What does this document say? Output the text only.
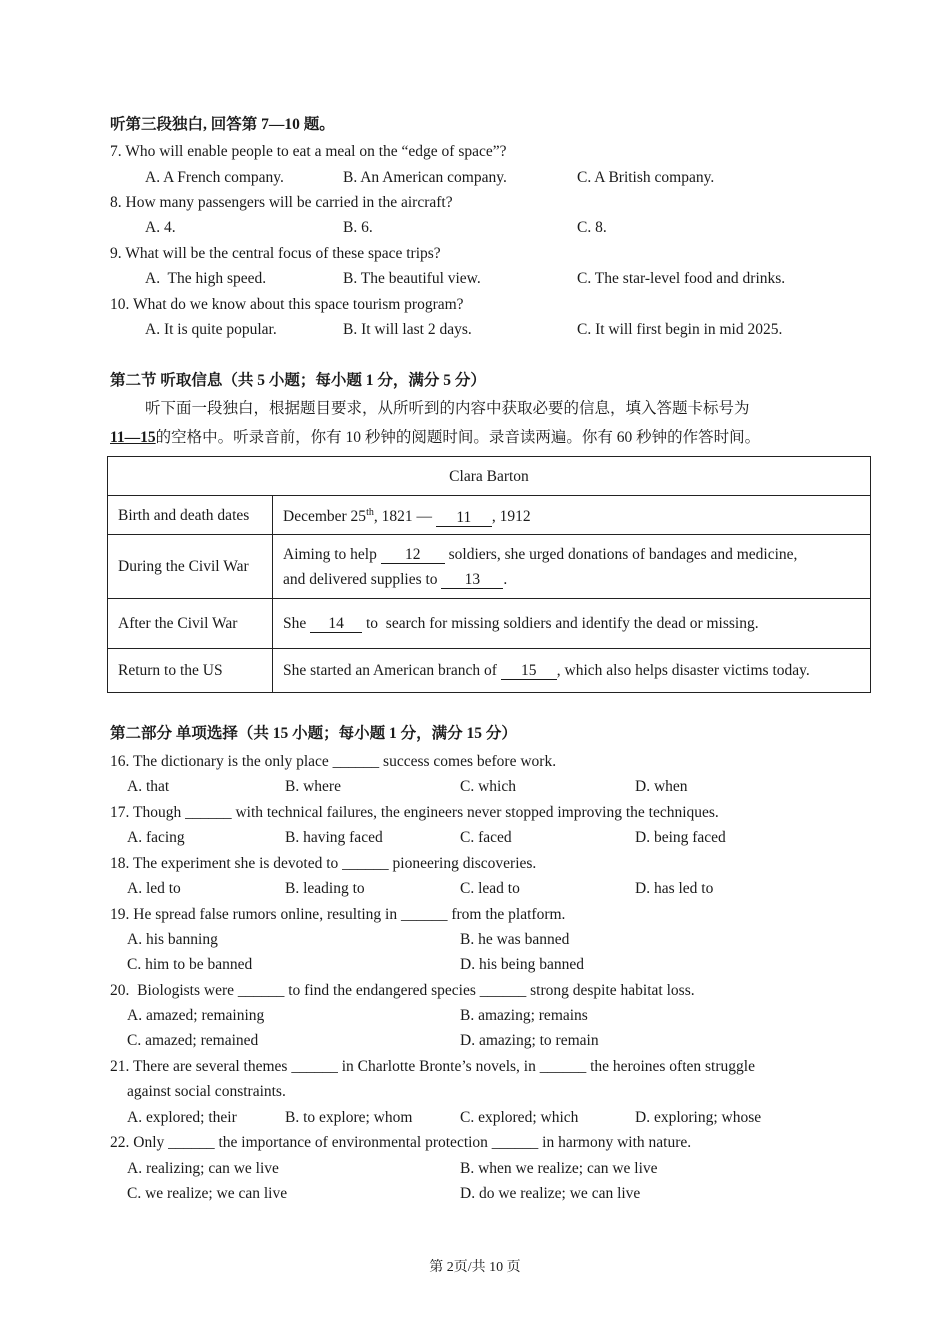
听第三段独白, 回答第 7—10 题。
7. Who will enable people to eat a meal on the “edge of space”?
A. A French company.	B. An American company.	C. A British company.
8. How many passengers will be carried in the aircraft?
A. 4.	B. 6.	C. 8.
9. What will be the central focus of these space trips?
A.  The high speed.	B. The beautiful view.	C. The star-level food and drinks.
10. What do we know about this space tourism program?
A. It is quite popular.	B. It will last 2 days.	C. It will first begin in mid 2025.
第二节 听取信息（共 5 小题；每小题 1 分，满分 5 分）
听下面一段独白，根据题目要求，从所听到的内容中获取必要的信息，填入答题卡标号为
11—15的空格中。听录音前，你有 10 秒钟的阅题时间。录音读两遍。你有 60 秒钟的作答时间。
Clara Barton	
Birth and death dates	December 25th, 1821 — 11 , 1912
During the Civil War	Aiming to help 12 soldiers, she urged donations of bandages and medicine,
and delivered supplies to 13 .

After the Civil War	She 14 to  search for missing soldiers and identify the dead or missing.
Return to the US	She started an American branch of 15 , which also helps disaster victims today.
第二部分 单项选择（共 15 小题；每小题 1 分，满分 15 分）
16. The dictionary is the only place ______ success comes before work.
A. that	B. where	C. which	D. when
17. Though ______ with technical failures, the engineers never stopped improving the techniques.
A. facing	B. having faced	C. faced	D. being faced
18. The experiment she is devoted to ______ pioneering discoveries.
A. led to	B. leading to	C. lead to	D. has led to
19. He spread false rumors online, resulting in ______ from the platform.
A. his banning	B. he was banned
C. him to be banned	D. his being banned
20.  Biologists were ______ to find the endangered species ______ strong despite habitat loss.
A. amazed; remaining	B. amazing; remains
C. amazed; remained	D. amazing; to remain
21. There are several themes ______ in Charlotte Bronte’s novels, in ______ the heroines often struggle
against social constraints.
A. explored; their	B. to explore; whom	C. explored; which	D. exploring; whose
22. Only ______ the importance of environmental protection ______ in harmony with nature.
A. realizing; can we live	B. when we realize; can we live
C. we realize; we can live	D. do we realize; we can live
第 2页/共 10 页
